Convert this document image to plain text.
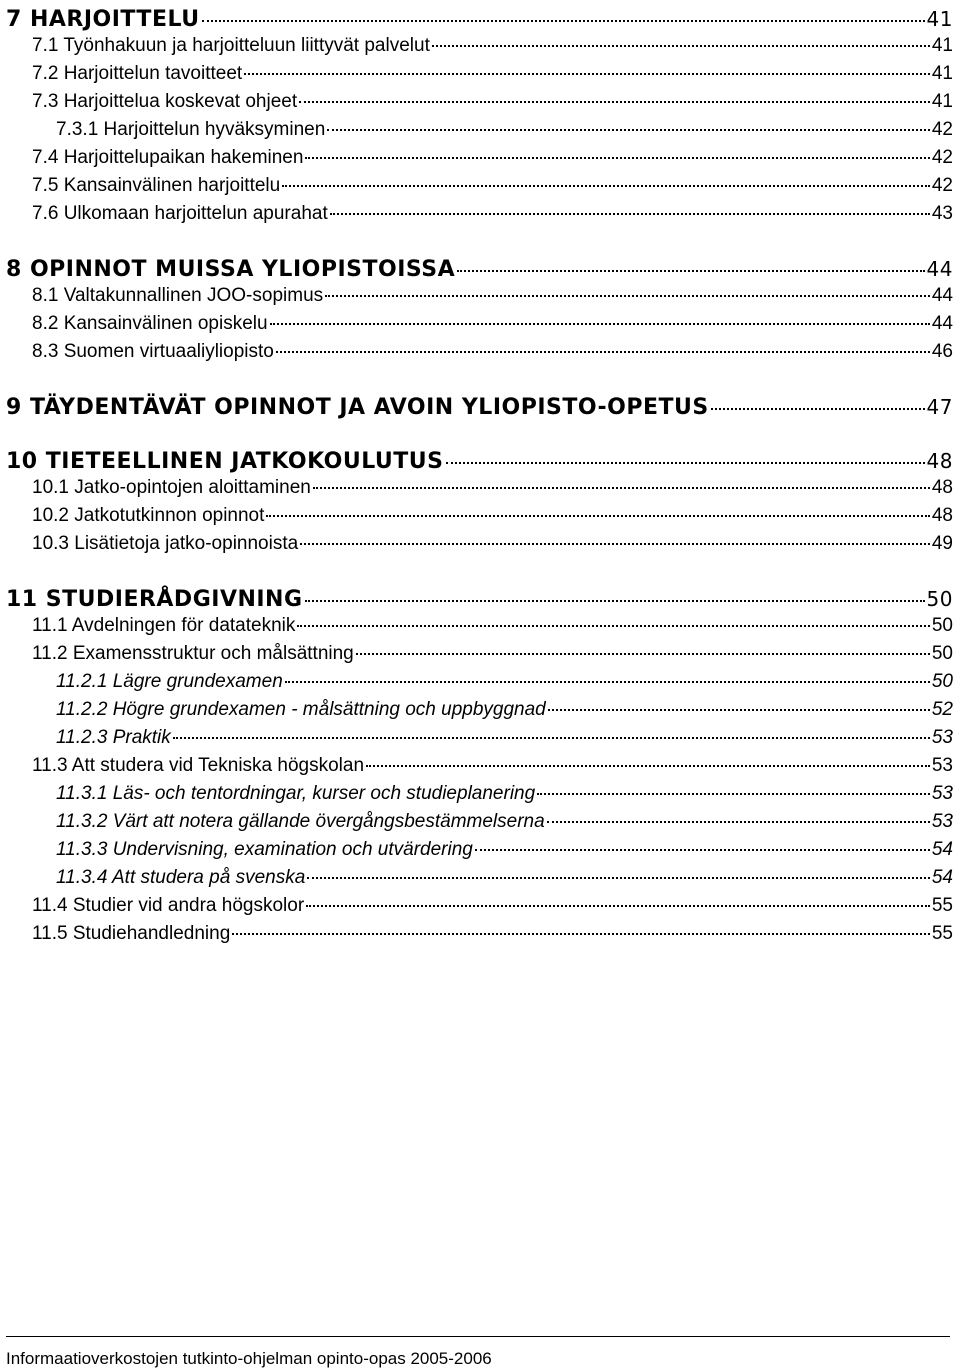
7 HARJOITTELU	41
7.1 Työnhakuun ja harjoitteluun liittyvät palvelut	41
7.2 Harjoittelun tavoitteet	41
7.3 Harjoittelua koskevat ohjeet	41
7.3.1 Harjoittelun hyväksyminen	42
7.4 Harjoittelupaikan hakeminen	42
7.5 Kansainvälinen harjoittelu	42
7.6 Ulkomaan harjoittelun apurahat	43
8 OPINNOT MUISSA YLIOPISTOISSA	44
8.1 Valtakunnallinen JOO-sopimus	44
8.2 Kansainvälinen opiskelu	44
8.3 Suomen virtuaaliyliopisto	46
9 TÄYDENTÄVÄT OPINNOT JA AVOIN YLIOPISTO-OPETUS	47
10 TIETEELLINEN JATKOKOULUTUS	48
10.1 Jatko-opintojen aloittaminen	48
10.2 Jatkotutkinnon opinnot	48
10.3 Lisätietoja jatko-opinnoista	49
11 STUDIERÅDGIVNING	50
11.1 Avdelningen för datateknik	50
11.2 Examensstruktur och målsättning	50
11.2.1 Lägre grundexamen	50
11.2.2 Högre grundexamen - målsättning och uppbyggnad	52
11.2.3 Praktik	53
11.3 Att studera vid Tekniska högskolan	53
11.3.1 Läs- och tentordningar, kurser och studieplanering	53
11.3.2 Värt att notera gällande övergångsbestämmelserna	53
11.3.3 Undervisning, examination och utvärdering	54
11.3.4 Att studera på svenska	54
11.4 Studier vid andra högskolor	55
11.5 Studiehandledning	55
Informaatioverkostojen tutkinto-ohjelman opinto-opas 2005-2006
